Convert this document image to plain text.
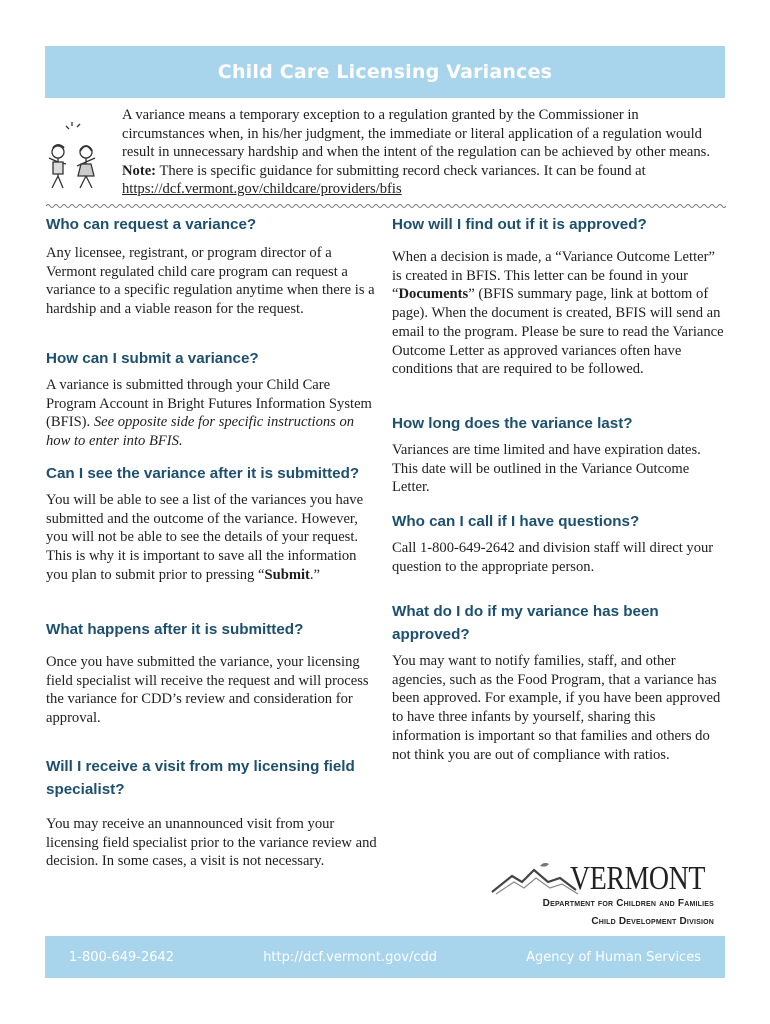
Child Care Licensing Variances
A variance means a temporary exception to a regulation granted by the Commissioner in circumstances when, in his/her judgment, the immediate or literal application of a regulation would result in unnecessary hardship and when the intent of the regulation can be achieved by other means. Note: There is specific guidance for submitting record check variances. It can be found at https://dcf.vermont.gov/childcare/providers/bfis
Who can request a variance?

Any licensee, registrant, or program director of a Vermont regulated child care program can request a variance to a specific regulation anytime when there is a hardship and a viable reason for the request.

How can I submit a variance?

A variance is submitted through your Child Care Program Account in Bright Futures Information System (BFIS). See opposite side for specific instructions on how to enter into BFIS.

Can I see the variance after it is submitted?

You will be able to see a list of the variances you have submitted and the outcome of the variance. However, you will not be able to see the details of your request. This is why it is important to save all the information you plan to submit prior to pressing “Submit.”

What happens after it is submitted?

Once you have submitted the variance, your licensing field specialist will receive the request and will process the variance for CDD’s review and consideration for approval.

Will I receive a visit from my licensing field specialist?

You may receive an unannounced visit from your licensing field specialist prior to the variance review and decision. In some cases, a visit is not necessary.

How will I find out if it is approved?

When a decision is made, a “Variance Outcome Letter” is created in BFIS. This letter can be found in your “Documents” (BFIS summary page, link at bottom of page). When the document is created, BFIS will send an email to the program. Please be sure to read the Variance Outcome Letter as approved variances often have conditions that are required to be followed.

How long does the variance last?

Variances are time limited and have expiration dates. This date will be outlined in the Variance Outcome Letter.

Who can I call if I have questions?

Call 1-800-649-2642 and division staff will direct your question to the appropriate person.

What do I do if my variance has been approved?

You may want to notify families, staff, and other agencies, such as the Food Program, that a variance has been approved. For example, if you have been approved to have three infants by yourself, sharing this information is important so that families and others do not think you are out of compliance with ratios.

VERMONT
Department for Children and Families
Child Development Division
1-800-649-2642	http://dcf.vermont.gov/cdd	Agency of Human Services
